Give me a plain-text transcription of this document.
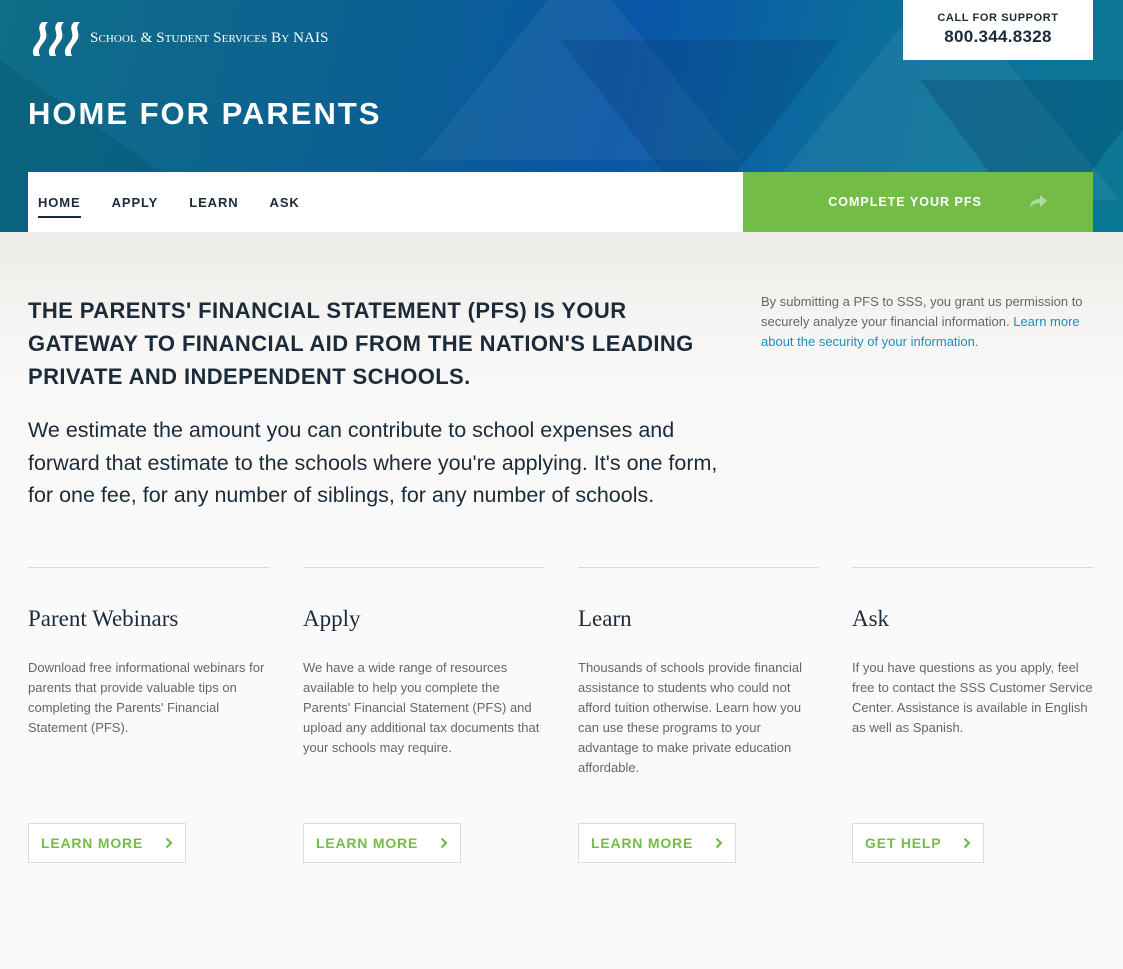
School & Student Services By NAIS
CALL FOR SUPPORT
800.344.8328
HOME FOR PARENTS
HOME APPLY LEARN ASK	COMPLETE YOUR PFS
THE PARENTS' FINANCIAL STATEMENT (PFS) IS YOUR GATEWAY TO FINANCIAL AID FROM THE NATION'S LEADING PRIVATE AND INDEPENDENT SCHOOLS.

We estimate the amount you can contribute to school expenses and forward that estimate to the schools where you're applying. It's one form, for one fee, for any number of siblings, for any number of schools.

By submitting a PFS to SSS, you grant us permission to securely analyze your financial information. Learn more about the security of your information.

Parent Webinars
Download free informational webinars for parents that provide valuable tips on completing the Parents' Financial Statement (PFS).
LEARN MORE
Apply
We have a wide range of resources available to help you complete the Parents' Financial Statement (PFS) and upload any additional tax documents that your schools may require.
LEARN MORE
Learn
Thousands of schools provide financial assistance to students who could not afford tuition otherwise. Learn how you can use these programs to your advantage to make private education affordable.
LEARN MORE
Ask
If you have questions as you apply, feel free to contact the SSS Customer Service Center. Assistance is available in English as well as Spanish.
GET HELP
